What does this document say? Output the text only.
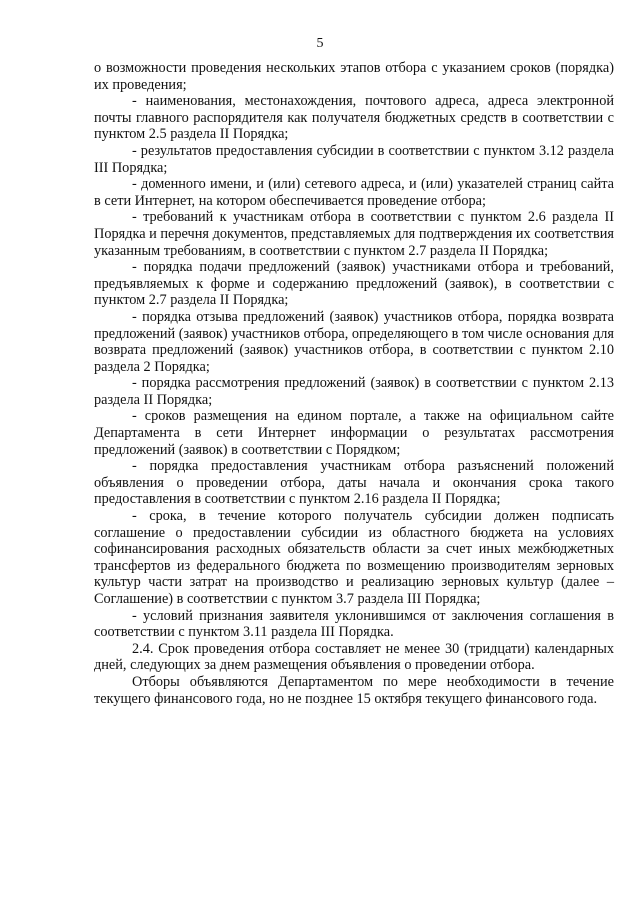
5

о возможности проведения нескольких этапов отбора с указанием сроков (порядка) их проведения;

- наименования, местонахождения, почтового адреса, адреса электронной почты главного распорядителя как получателя бюджетных средств в соответствии с пунктом 2.5 раздела II Порядка;

- результатов предоставления субсидии в соответствии с пунктом 3.12 раздела III Порядка;

- доменного имени, и (или) сетевого адреса, и (или) указателей страниц сайта в сети Интернет, на котором обеспечивается проведение отбора;

- требований к участникам отбора в соответствии с пунктом 2.6 раздела II Порядка и перечня документов, представляемых для подтверждения их соответствия указанным требованиям, в соответствии с пунктом 2.7 раздела II Порядка;

- порядка подачи предложений (заявок) участниками отбора и требований, предъявляемых к форме и содержанию предложений (заявок), в соответствии с пунктом 2.7 раздела II Порядка;

- порядка отзыва предложений (заявок) участников отбора, порядка возврата предложений (заявок) участников отбора, определяющего в том числе основания для возврата предложений (заявок) участников отбора, в соответствии с пунктом 2.10 раздела 2 Порядка;

- порядка рассмотрения предложений (заявок) в соответствии с пунктом 2.13 раздела II Порядка;

- сроков размещения на едином портале, а также на официальном сайте Департамента в сети Интернет информации о результатах рассмотрения предложений (заявок) в соответствии с Порядком;

- порядка предоставления участникам отбора разъяснений положений объявления о проведении отбора, даты начала и окончания срока такого предоставления в соответствии с пунктом 2.16 раздела II Порядка;

- срока, в течение которого получатель субсидии должен подписать соглашение о предоставлении субсидии из областного бюджета на условиях софинансирования расходных обязательств области за счет иных межбюджетных трансфертов из федерального бюджета по возмещению производителям зерновых культур части затрат на производство и реализацию зерновых культур (далее – Соглашение) в соответствии с пунктом 3.7 раздела III Порядка;

- условий признания заявителя уклонившимся от заключения соглашения в соответствии с пунктом 3.11 раздела III Порядка.

2.4. Срок проведения отбора составляет не менее 30 (тридцати) календарных дней, следующих за днем размещения объявления о проведении отбора.

Отборы объявляются Департаментом по мере необходимости в течение текущего финансового года, но не позднее 15 октября текущего финансового года.
